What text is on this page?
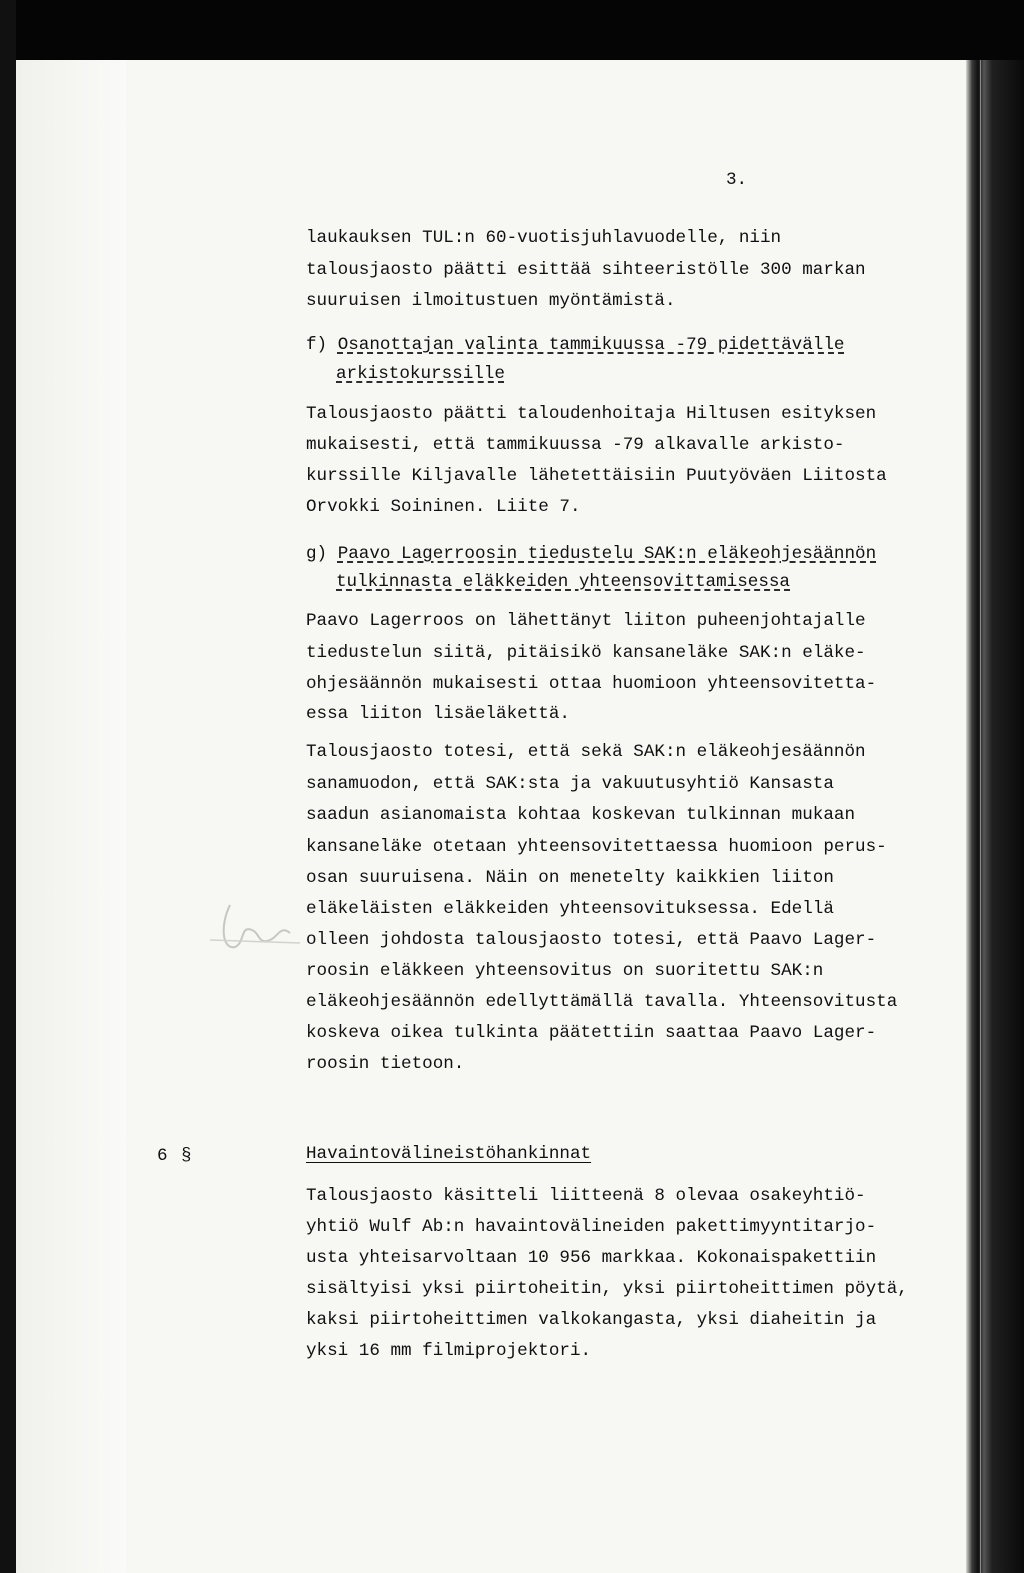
3.
laukauksen TUL:n 60-vuotisjuhlavuodelle, niin
talousjaosto päätti esittää sihteeristölle 300 markan
suuruisen ilmoitustuen myöntämistä.
f) Osanottajan valinta tammikuussa -79 pidettävälle
arkistokurssille
Talousjaosto päätti taloudenhoitaja Hiltusen esityksen
mukaisesti, että tammikuussa -79 alkavalle arkisto-
kurssille Kiljavalle lähetettäisiin Puutyöväen Liitosta
Orvokki Soininen. Liite 7.
g) Paavo Lagerroosin tiedustelu SAK:n eläkeohjesäännön
tulkinnasta eläkkeiden yhteensovittamisessa
Paavo Lagerroos on lähettänyt liiton puheenjohtajalle
tiedustelun siitä, pitäisikö kansaneläke SAK:n eläke-
ohjesäännön mukaisesti ottaa huomioon yhteensovitetta-
essa liiton lisäeläkettä.
Talousjaosto totesi, että sekä SAK:n eläkeohjesäännön
sanamuodon, että SAK:sta ja vakuutusyhtiö Kansasta
saadun asianomaista kohtaa koskevan tulkinnan mukaan
kansaneläke otetaan yhteensovitettaessa huomioon perus-
osan suuruisena. Näin on menetelty kaikkien liiton
eläkeläisten eläkkeiden yhteensovituksessa. Edellä
olleen johdosta talousjaosto totesi, että Paavo Lager-
roosin eläkkeen yhteensovitus on suoritettu SAK:n
eläkeohjesäännön edellyttämällä tavalla. Yhteensovitusta
koskeva oikea tulkinta päätettiin saattaa Paavo Lager-
roosin tietoon.
6 §	Havaintovälineistöhankinnat
Talousjaosto käsitteli liitteenä 8 olevaa osakeyhtiö-
yhtiö Wulf Ab:n havaintovälineiden pakettimyyntitarjo-
usta yhteisarvoltaan 10 956 markkaa. Kokonaispakettiin
sisältyisi yksi piirtoheitin, yksi piirtoheittimen pöytä,
kaksi piirtoheittimen valkokangasta, yksi diaheitin ja
yksi 16 mm filmiprojektori.
